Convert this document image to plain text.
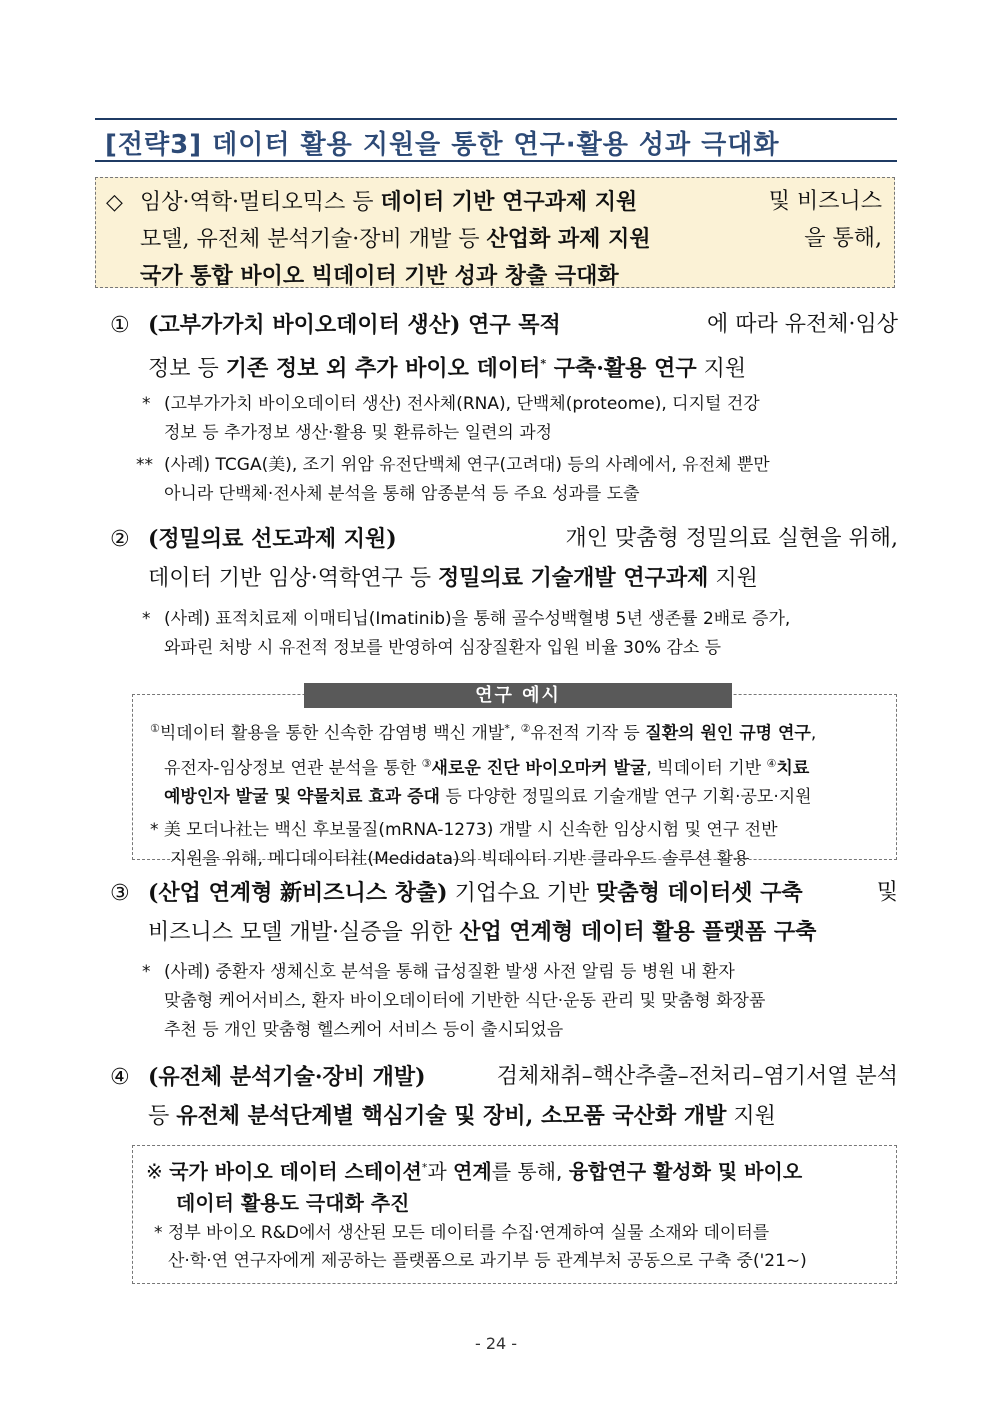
[전략3] 데이터 활용 지원을 통한 연구·활용 성과 극대화
◇ 임상·역학·멀티오믹스 등 데이터 기반 연구과제 지원	및 비즈니스
모델, 유전체 분석기술·장비 개발 등 산업화 과제 지원	을 통해,
국가 통합 바이오 빅데이터 기반 성과 창출 극대화
① (고부가가치 바이오데이터 생산) 연구 목적	에 따라 유전체·임상
정보 등 기존 정보 외 추가 바이오 데이터* 구축·활용 연구 지원
* (고부가가치 바이오데이터 생산) 전사체(RNA), 단백체(proteome), 디지털 건강
정보 등 추가정보 생산·활용 및 환류하는 일련의 과정
** (사례) TCGA(美), 조기 위암 유전단백체 연구(고려대) 등의 사례에서, 유전체 뿐만
아니라 단백체·전사체 분석을 통해 암종분석 등 주요 성과를 도출
② (정밀의료 선도과제 지원)	개인 맞춤형 정밀의료 실현을 위해,
데이터 기반 임상·역학연구 등 정밀의료 기술개발 연구과제 지원
* (사례) 표적치료제 이매티닙(Imatinib)을 통해 골수성백혈병 5년 생존률 2배로 증가,
와파린 처방 시 유전적 정보를 반영하여 심장질환자 입원 비율 30% 감소 등
연구 예시
①빅데이터 활용을 통한 신속한 감염병 백신 개발*, ②유전적 기작 등 질환의 원인 규명 연구,
유전자-임상정보 연관 분석을 통한 ③새로운 진단 바이오마커 발굴, 빅데이터 기반 ④치료
예방인자 발굴 및 약물치료 효과 증대 등 다양한 정밀의료 기술개발 연구 기획·공모·지원
* 美 모더나社는 백신 후보물질(mRNA-1273) 개발 시 신속한 임상시험 및 연구 전반
지원을 위해, 메디데이터社(Medidata)의 빅데이터 기반 클라우드 솔루션 활용
③ (산업 연계형 新비즈니스 창출) 기업수요 기반 맞춤형 데이터셋 구축	및
비즈니스 모델 개발·실증을 위한 산업 연계형 데이터 활용 플랫폼 구축
* (사례) 중환자 생체신호 분석을 통해 급성질환 발생 사전 알림 등 병원 내 환자
맞춤형 케어서비스, 환자 바이오데이터에 기반한 식단·운동 관리 및 맞춤형 화장품
추천 등 개인 맞춤형 헬스케어 서비스 등이 출시되었음
④ (유전체 분석기술·장비 개발)	검체채취–핵산추출–전처리–염기서열 분석
등 유전체 분석단계별 핵심기술 및 장비, 소모품 국산화 개발 지원
※ 국가 바이오 데이터 스테이션*과 연계를 통해, 융합연구 활성화 및 바이오
데이터 활용도 극대화 추진
* 정부 바이오 R&D에서 생산된 모든 데이터를 수집·연계하여 실물 소재와 데이터를
산·학·연 연구자에게 제공하는 플랫폼으로 과기부 등 관계부처 공동으로 구축 중('21~)
- 24 -
